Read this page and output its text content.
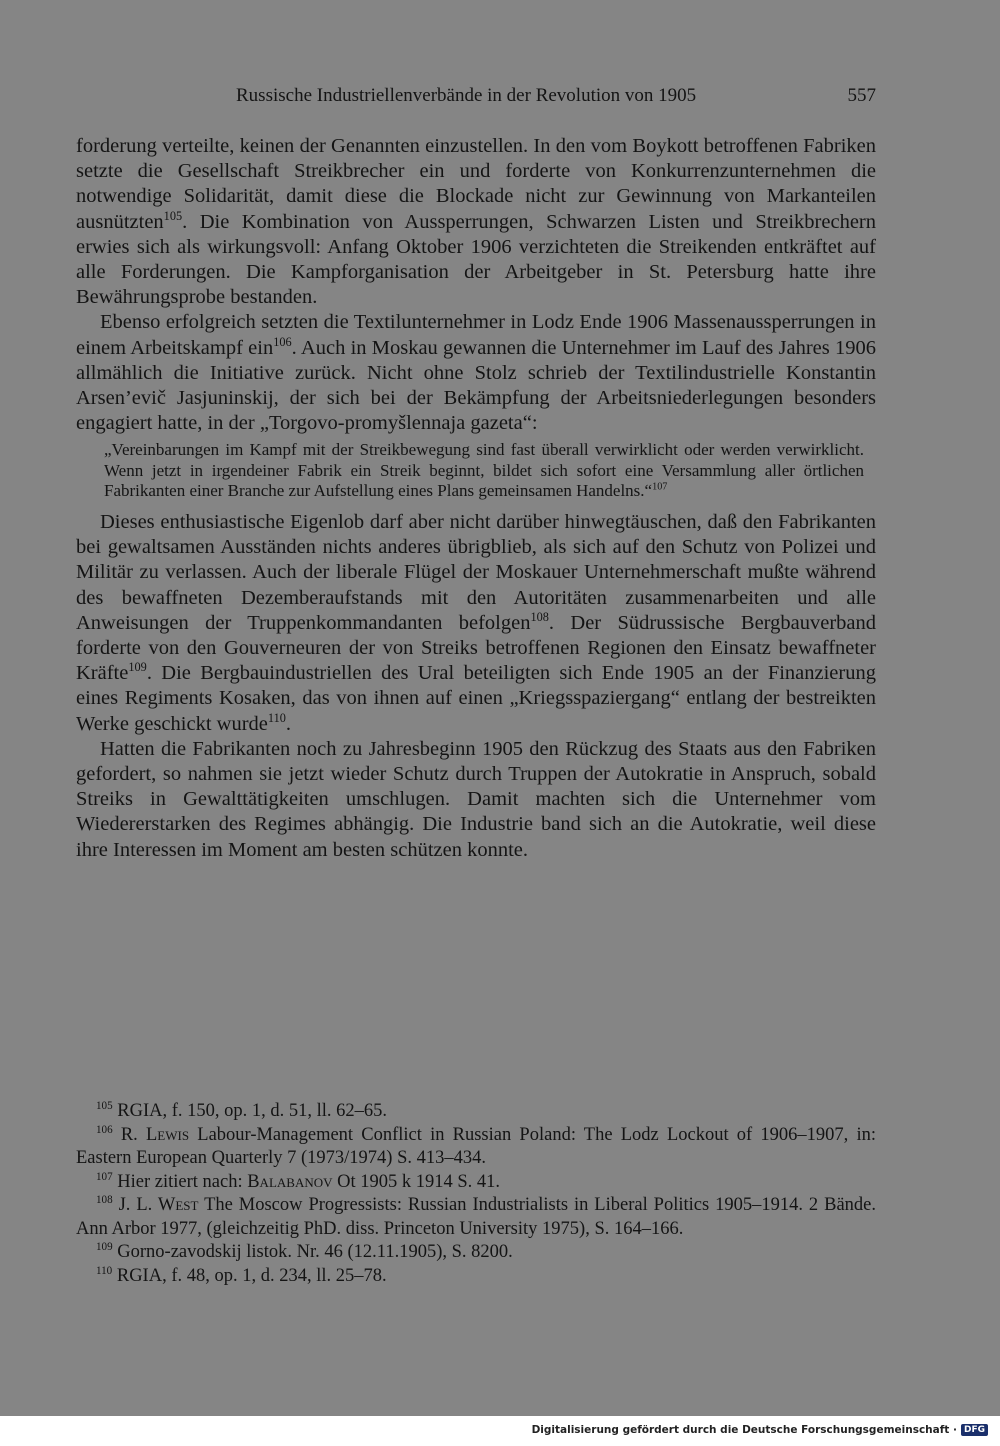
Russische Industriellenverbände in der Revolution von 1905	557

forderung verteilte, keinen der Genannten einzustellen. In den vom Boykott betroffenen Fabriken setzte die Gesellschaft Streikbrecher ein und forderte von Konkurrenzunternehmen die notwendige Solidarität, damit diese die Blockade nicht zur Gewinnung von Markanteilen ausnützten$^{105}$. Die Kombination von Aussperrungen, Schwarzen Listen und Streikbrechern erwies sich als wirkungsvoll: Anfang Oktober 1906 verzichteten die Streikenden entkräftet auf alle Forderungen. Die Kampforganisation der Arbeitgeber in St. Petersburg hatte ihre Bewährungsprobe bestanden.

Ebenso erfolgreich setzten die Textilunternehmer in Lodz Ende 1906 Massenaussperrungen in einem Arbeitskampf ein$^{106}$. Auch in Moskau gewannen die Unternehmer im Lauf des Jahres 1906 allmählich die Initiative zurück. Nicht ohne Stolz schrieb der Textilindustrielle Konstantin Arsen’evič Jasjuninskij, der sich bei der Bekämpfung der Arbeitsniederlegungen besonders engagiert hatte, in der „Torgovo-promyšlennaja gazeta“:

„Vereinbarungen im Kampf mit der Streikbewegung sind fast überall verwirklicht oder werden verwirklicht. Wenn jetzt in irgendeiner Fabrik ein Streik beginnt, bildet sich sofort eine Versammlung aller örtlichen Fabrikanten einer Branche zur Aufstellung eines Plans gemeinsamen Handelns.“$^{107}$

Dieses enthusiastische Eigenlob darf aber nicht darüber hinwegtäuschen, daß den Fabrikanten bei gewaltsamen Ausständen nichts anderes übrigblieb, als sich auf den Schutz von Polizei und Militär zu verlassen. Auch der liberale Flügel der Moskauer Unternehmerschaft mußte während des bewaffneten Dezemberaufstands mit den Autoritäten zusammenarbeiten und alle Anweisungen der Truppenkommandanten befolgen$^{108}$. Der Südrussische Bergbauverband forderte von den Gouverneuren der von Streiks betroffenen Regionen den Einsatz bewaffneter Kräfte$^{109}$. Die Bergbauindustriellen des Ural beteiligten sich Ende 1905 an der Finanzierung eines Regiments Kosaken, das von ihnen auf einen „Kriegsspaziergang“ entlang der bestreikten Werke geschickt wurde$^{110}$.

Hatten die Fabrikanten noch zu Jahresbeginn 1905 den Rückzug des Staats aus den Fabriken gefordert, so nahmen sie jetzt wieder Schutz durch Truppen der Autokratie in Anspruch, sobald Streiks in Gewalttätigkeiten umschlugen. Damit machten sich die Unternehmer vom Wiedererstarken des Regimes abhängig. Die Industrie band sich an die Autokratie, weil diese ihre Interessen im Moment am besten schützen konnte.

$^{105}$ RGIA, f. 150, op. 1, d. 51, ll. 62–65.

$^{106}$ R. Lewis Labour-Management Conflict in Russian Poland: The Lodz Lockout of 1906–1907, in: Eastern European Quarterly 7 (1973/1974) S. 413–434.

$^{107}$ Hier zitiert nach: Balabanov Ot 1905 k 1914 S. 41.

$^{108}$ J. L. West The Moscow Progressists: Russian Industrialists in Liberal Politics 1905–1914. 2 Bände. Ann Arbor 1977, (gleichzeitig PhD. diss. Princeton University 1975), S. 164–166.

$^{109}$ Gorno-zavodskij listok. Nr. 46 (12.11.1905), S. 8200.

$^{110}$ RGIA, f. 48, op. 1, d. 234, ll. 25–78.

Digitalisierung gefördert durch die Deutsche Forschungsgemeinschaft · DFG
